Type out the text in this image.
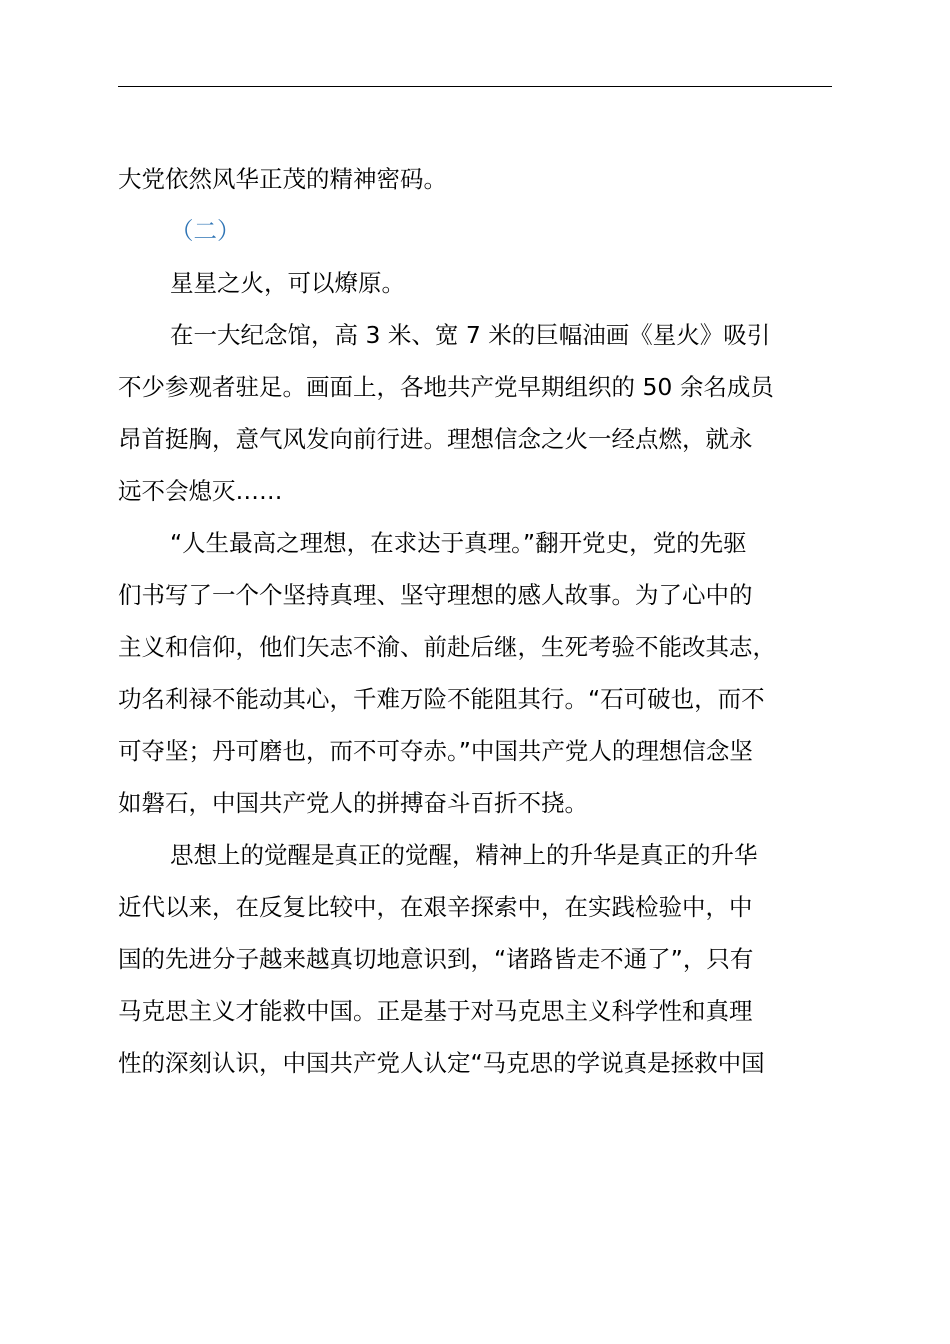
大党依然风华正茂的精神密码。
（二）
星星之火，可以燎原。
在一大纪念馆，高 3 米、宽 7 米的巨幅油画《星火》吸引
不少参观者驻足。画面上，各地共产党早期组织的 50 余名成员
昂首挺胸，意气风发向前行进。理想信念之火一经点燃，就永
远不会熄灭……
“人生最高之理想，在求达于真理。”翻开党史，党的先驱
们书写了一个个坚持真理、坚守理想的感人故事。为了心中的
主义和信仰，他们矢志不渝、前赴后继，生死考验不能改其志，
功名利禄不能动其心，千难万险不能阻其行。“石可破也，而不
可夺坚；丹可磨也，而不可夺赤。”中国共产党人的理想信念坚
如磐石，中国共产党人的拼搏奋斗百折不挠。
思想上的觉醒是真正的觉醒，精神上的升华是真正的升华
近代以来，在反复比较中，在艰辛探索中，在实践检验中，中
国的先进分子越来越真切地意识到，“诸路皆走不通了”，只有
马克思主义才能救中国。正是基于对马克思主义科学性和真理
性的深刻认识，中国共产党人认定“马克思的学说真是拯救中国
